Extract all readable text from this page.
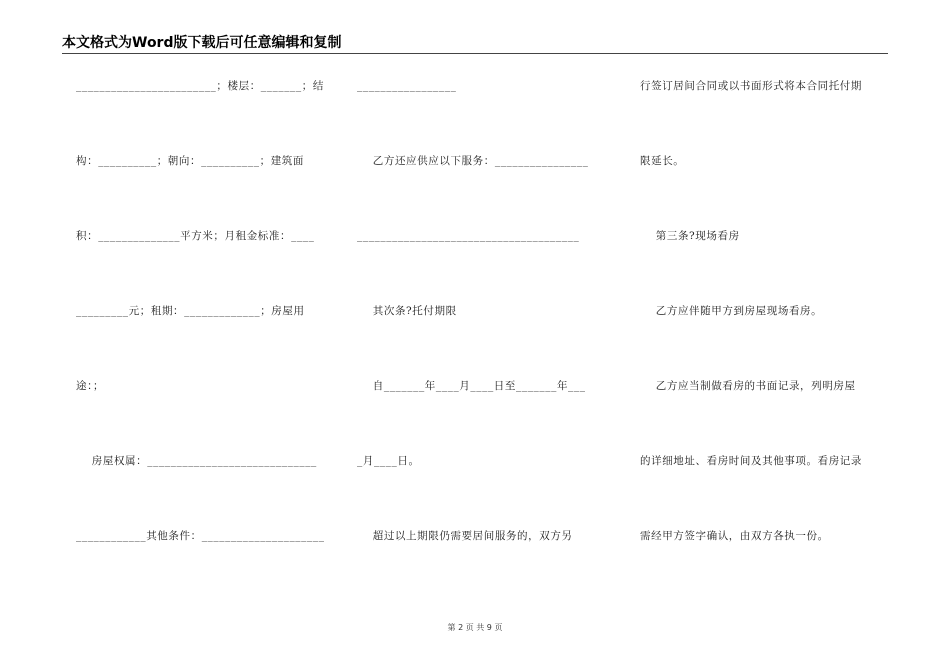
本文格式为Word版下载后可任意编辑和复制
________________________；楼层：_______；结
构：__________；朝向：__________；建筑面
积：______________平方米；月租金标准：____
_________元；租期：_____________；房屋用
途：；
房屋权属：_____________________________
____________其他条件：_____________________
_________________
乙方还应供应以下服务：________________
______________________________________
其次条?托付期限
自_______年____月____日至_______年___
_月____日。
超过以上期限仍需要居间服务的，双方另
行签订居间合同或以书面形式将本合同托付期
限延长。
第三条?现场看房
乙方应伴随甲方到房屋现场看房。
乙方应当制做看房的书面记录，列明房屋
的详细地址、看房时间及其他事项。看房记录
需经甲方签字确认，由双方各执一份。
第 2 页 共 9 页
